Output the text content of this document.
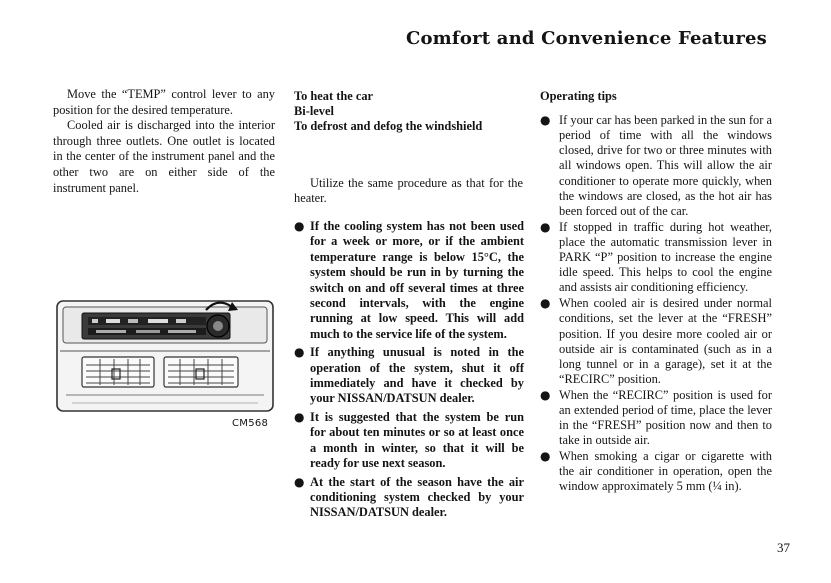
Comfort and Convenience Features

Move the “TEMP” control lever to any position for the desired temperature.

Cooled air is discharged into the interior through three outlets. One outlet is located in the center of the instrument panel and the other two are on either side of the instrument panel.

CM568

To heat the car

Bi-level

To defrost and defog the windshield

Utilize the same procedure as that for the heater.
● If the cooling system has not been used for a week or more, or if the ambient temperature range is below 15°C, the system should be run in by turning the switch on and off several times at three second intervals, with the engine running at low speed. This will add much to the service life of the system.
● If anything unusual is noted in the operation of the system, shut it off immediately and have it checked by your NISSAN/DATSUN dealer.
● It is suggested that the system be run for about ten minutes or so at least once a month in winter, so that it will be ready for use next season.
● At the start of the season have the air conditioning system checked by your NISSAN/DATSUN dealer.

Operating tips

● If your car has been parked in the sun for a period of time with all the windows closed, drive for two or three minutes with all windows open. This will allow the air conditioner to operate more quickly, when the windows are closed, as the hot air has been forced out of the car.
● If stopped in traffic during hot weather, place the automatic transmission lever in PARK “P” position to increase the engine idle speed. This helps to cool the engine and assists air conditioning efficiency.
● When cooled air is desired under normal conditions, set the lever at the “FRESH” position. If you desire more cooled air or outside air is contaminated (such as in a long tunnel or in a garage), set it at the “RECIRC” position.
● When the “RECIRC” position is used for an extended period of time, place the lever in the “FRESH” position now and then to take in outside air.
● When smoking a cigar or cigarette with the air conditioner in operation, open the window approximately 5 mm (¼ in).
37
